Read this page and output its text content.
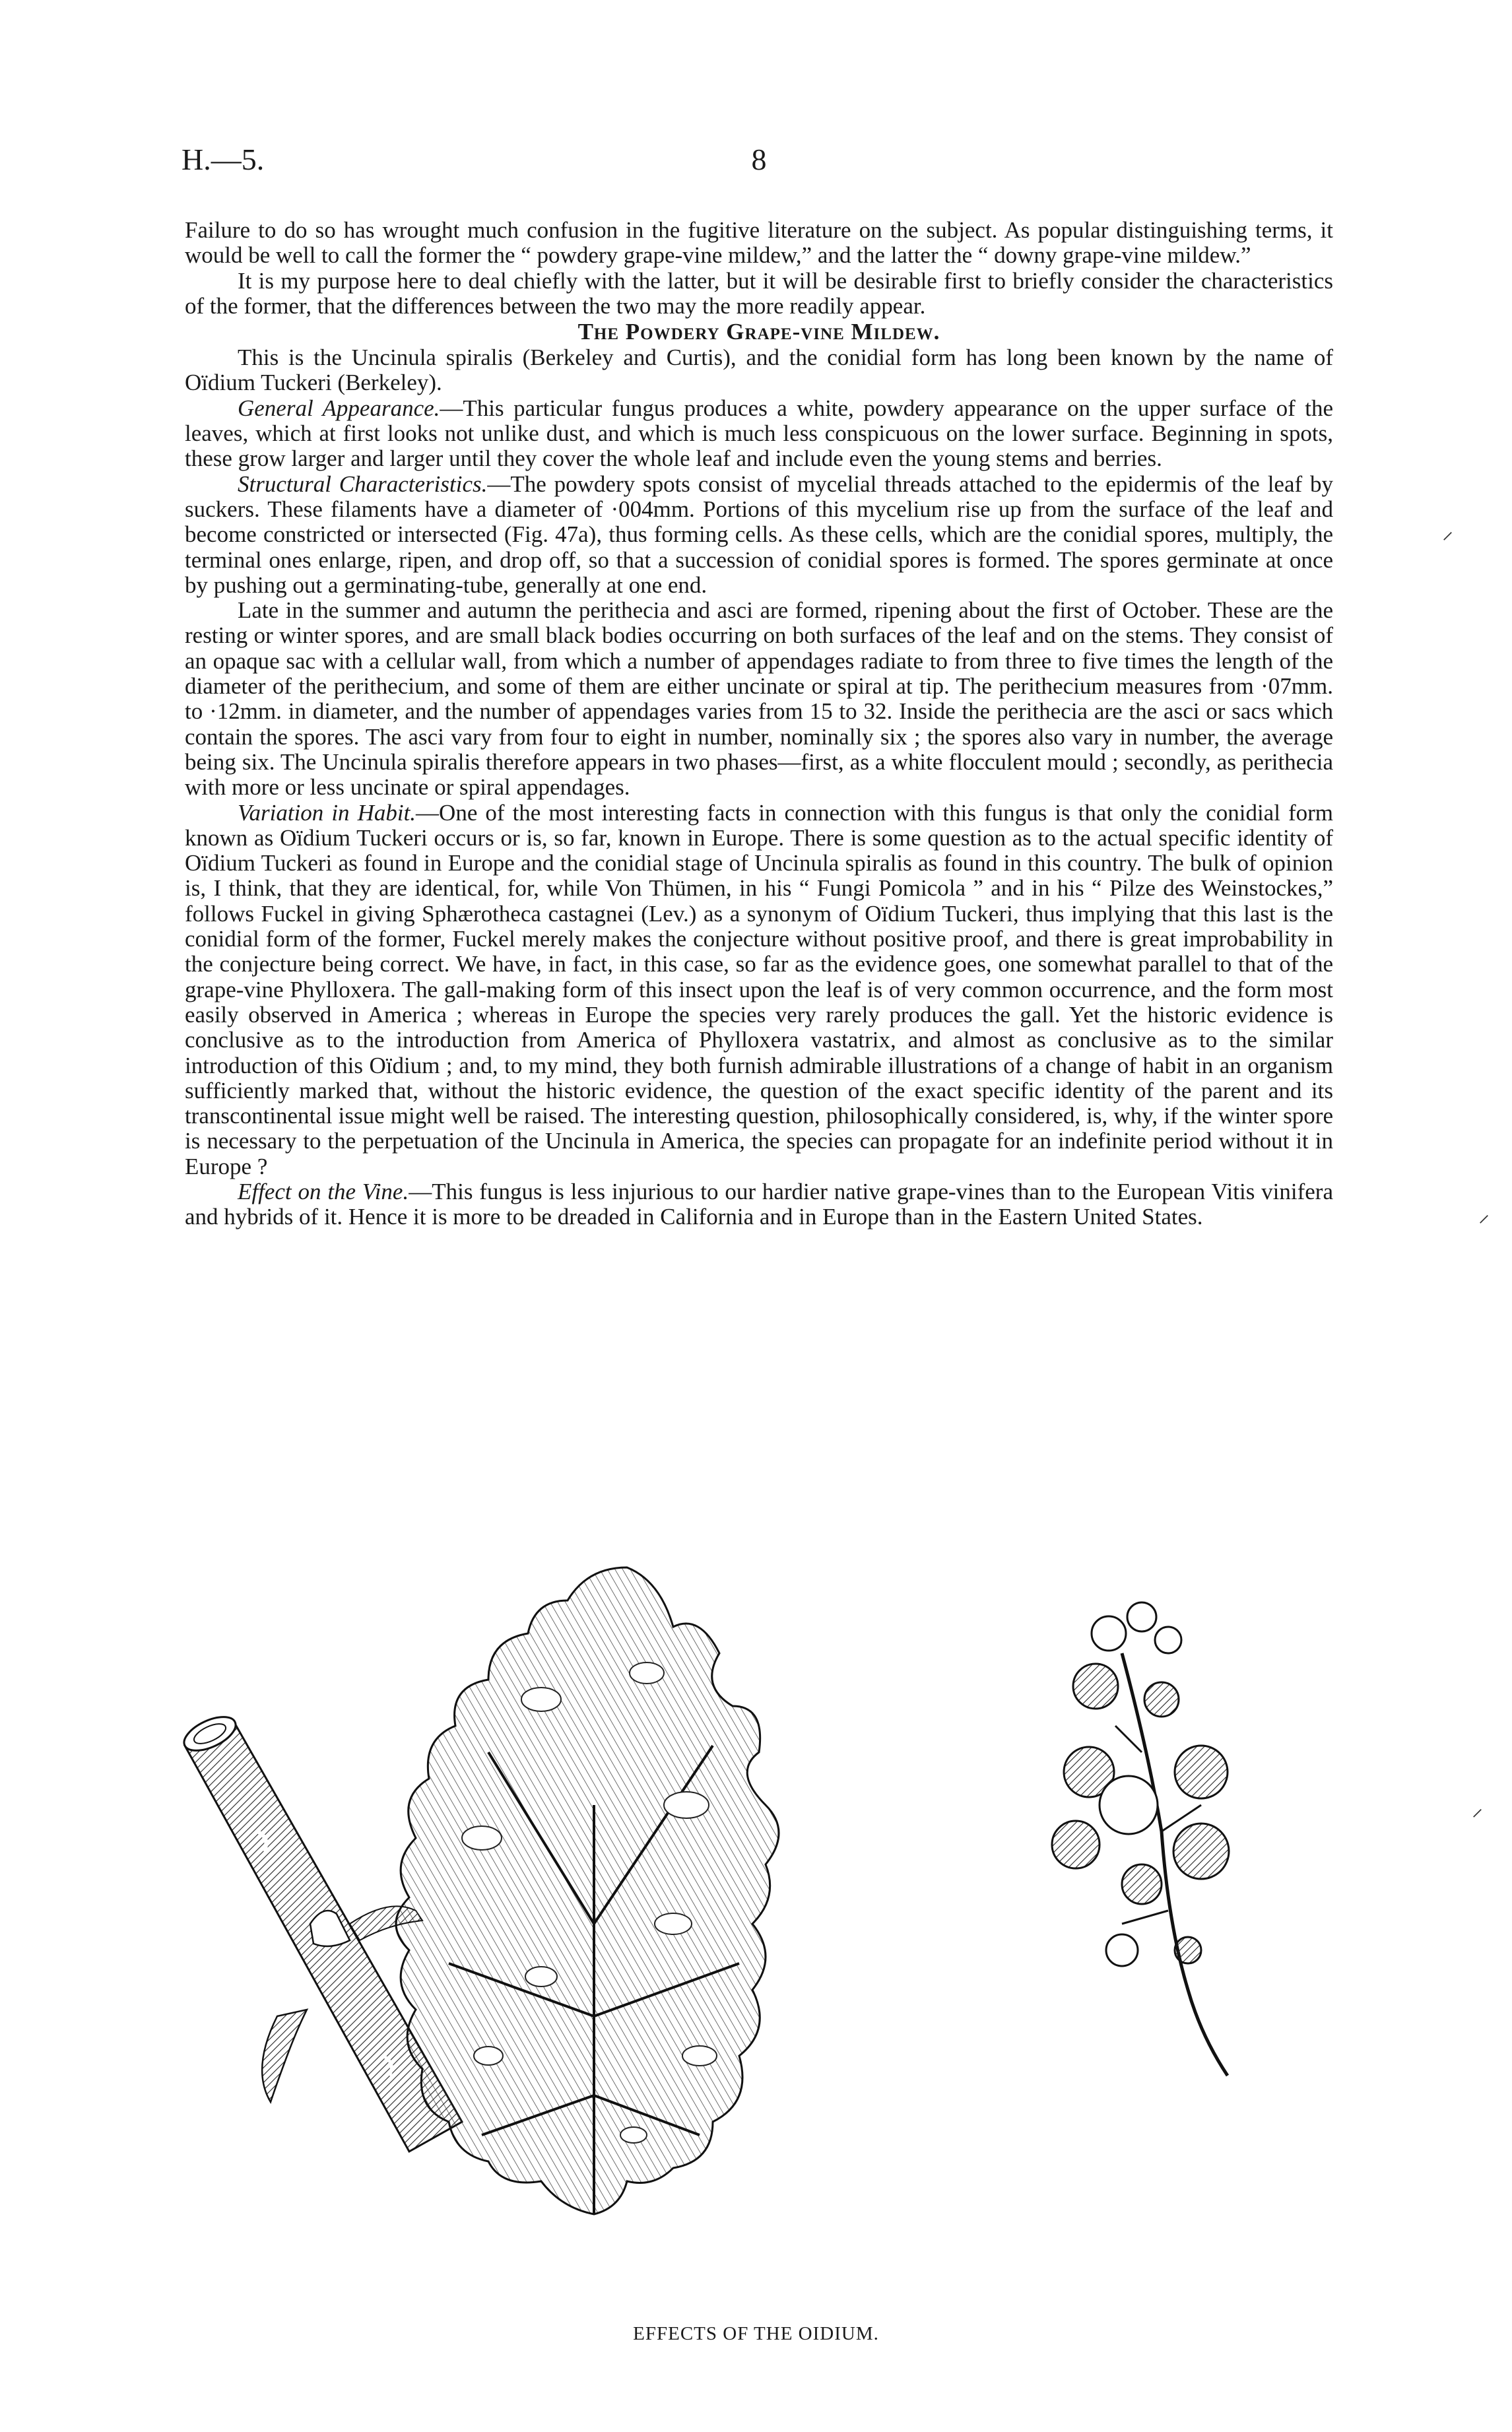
H.—5.	8

Failure to do so has wrought much confusion in the fugitive literature on the subject. As popular distinguishing terms, it would be well to call the former the “ powdery grape-vine mildew,” and the latter the “ downy grape-vine mildew.”

It is my purpose here to deal chiefly with the latter, but it will be desirable first to briefly consider the characteristics of the former, that the differences between the two may the more readily appear.

The Powdery Grape-vine Mildew.

This is the Uncinula spiralis (Berkeley and Curtis), and the conidial form has long been known by the name of Oïdium Tuckeri (Berkeley).

General Appearance.—This particular fungus produces a white, powdery appearance on the upper surface of the leaves, which at first looks not unlike dust, and which is much less conspicuous on the lower surface. Beginning in spots, these grow larger and larger until they cover the whole leaf and include even the young stems and berries.

Structural Characteristics.—The powdery spots consist of mycelial threads attached to the epidermis of the leaf by suckers. These filaments have a diameter of ·004mm. Portions of this mycelium rise up from the surface of the leaf and become constricted or intersected (Fig. 47a), thus forming cells. As these cells, which are the conidial spores, multiply, the terminal ones enlarge, ripen, and drop off, so that a succession of conidial spores is formed. The spores germinate at once by pushing out a germinating-tube, generally at one end.

Late in the summer and autumn the perithecia and asci are formed, ripening about the first of October. These are the resting or winter spores, and are small black bodies occurring on both surfaces of the leaf and on the stems. They consist of an opaque sac with a cellular wall, from which a number of appendages radiate to from three to five times the length of the diameter of the perithecium, and some of them are either uncinate or spiral at tip. The perithecium measures from ·07mm. to ·12mm. in diameter, and the number of appendages varies from 15 to 32. Inside the perithecia are the asci or sacs which contain the spores. The asci vary from four to eight in number, nominally six ; the spores also vary in number, the average being six. The Uncinula spiralis therefore appears in two phases—first, as a white flocculent mould ; secondly, as perithecia with more or less uncinate or spiral appendages.

Variation in Habit.—One of the most interesting facts in connection with this fungus is that only the conidial form known as Oïdium Tuckeri occurs or is, so far, known in Europe. There is some question as to the actual specific identity of Oïdium Tuckeri as found in Europe and the conidial stage of Uncinula spiralis as found in this country. The bulk of opinion is, I think, that they are identical, for, while Von Thümen, in his “ Fungi Pomicola ” and in his “ Pilze des Weinstockes,” follows Fuckel in giving Sphærotheca castagnei (Lev.) as a synonym of Oïdium Tuckeri, thus implying that this last is the conidial form of the former, Fuckel merely makes the conjecture without positive proof, and there is great improbability in the conjecture being correct. We have, in fact, in this case, so far as the evidence goes, one somewhat parallel to that of the grape-vine Phylloxera. The gall-making form of this insect upon the leaf is of very common occurrence, and the form most easily observed in America ; whereas in Europe the species very rarely produces the gall. Yet the historic evidence is conclusive as to the introduction from America of Phylloxera vastatrix, and almost as conclusive as to the similar introduction of this Oïdium ; and, to my mind, they both furnish admirable illustrations of a change of habit in an organism sufficiently marked that, without the historic evidence, the question of the exact specific identity of the parent and its transcontinental issue might well be raised. The interesting question, philosophically considered, is, why, if the winter spore is necessary to the perpetuation of the Uncinula in America, the species can propagate for an indefinite period without it in Europe ?

Effect on the Vine.—This fungus is less injurious to our hardier native grape-vines than to the European Vitis vinifera and hybrids of it. Hence it is more to be dreaded in California and in Europe than in the Eastern United States.

EFFECTS OF THE OIDIUM.
⸝
⸝
⸝
